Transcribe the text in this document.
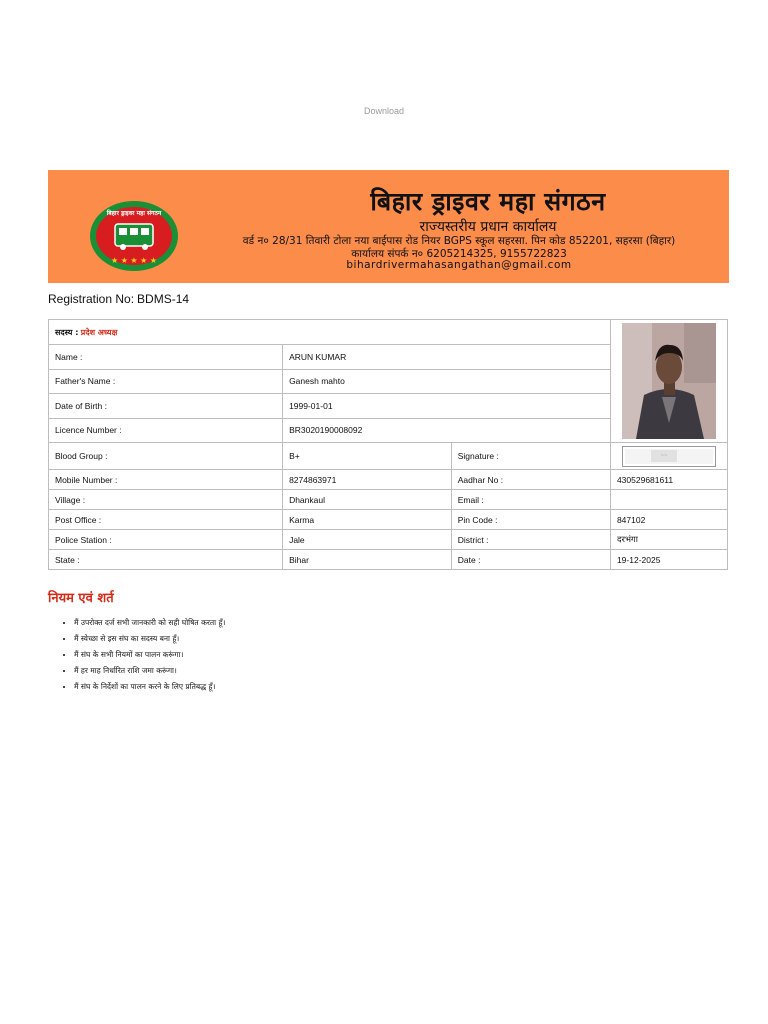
Download
बिहार ड्राइवर महा संगठन
★ ★ ★ ★ ★
बिहार ड्राइवर महा संगठन
राज्यस्तरीय प्रधान कार्यालय
वर्ड न० 28/31 तिवारी टोला नया बाईपास रोड नियर BGPS स्कूल सहरसा. पिन कोड 852201, सहरसा (बिहार)
कार्यालय संपर्क न० 6205214325, 9155722823
bihardrivermahasangathan@gmail.com
Registration No: BDMS-14
सदस्य : प्रदेश अध्यक्ष	

Name :	ARUN KUMAR		
Father's Name :	Ganesh mahto		
Date of Birth :	1999-01-01		
Licence Number :	BR3020190008092		
Blood Group :	B+	Signature :	~~

Mobile Number :	8274863971	Aadhar No :	430529681611
Village :	Dhankaul	Email :	
Post Office :	Karma	Pin Code :	847102
Police Station :	Jale	District :	दरभंगा
State :	Bihar	Date :	19-12-2025
नियम एवं शर्त
• मैं उपरोक्त दर्ज सभी जानकारी को सही घोषित करता हूँ।
• मैं स्वेच्छा से इस संघ का सदस्य बना हूँ।
• मैं संघ के सभी नियमों का पालन करूंगा।
• मैं हर माह निर्धारित राशि जमा करूंगा।
• मैं संघ के निर्देशों का पालन करने के लिए प्रतिबद्ध हूँ।
